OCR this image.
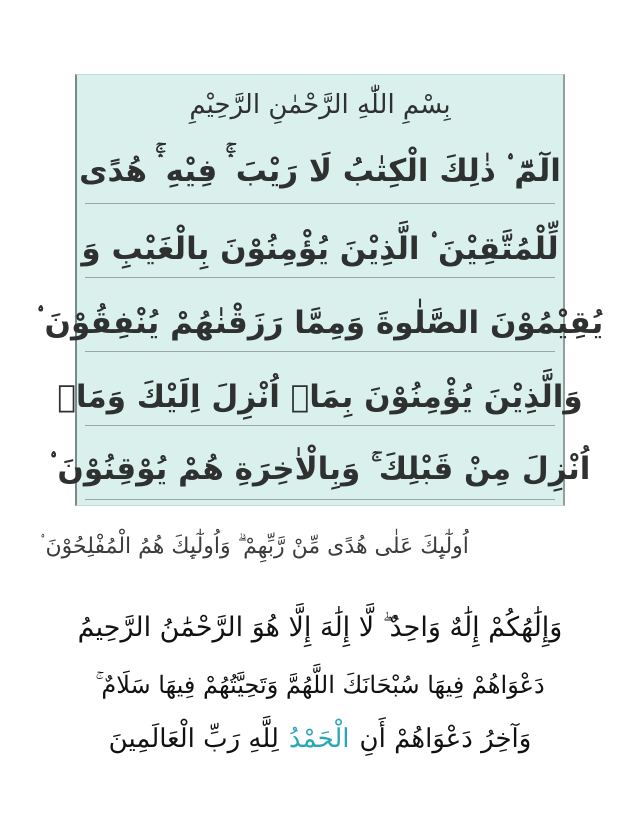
بِسْمِ اللّٰهِ الرَّحْمٰنِ الرَّحِيْمِ
الٓمّٓ ۟ ذٰلِكَ الْكِتٰبُ لَا رَيْبَ ۛۚ فِيْهِ ۛۚ هُدًى
لِّلْمُتَّقِيْنَ ۟ الَّذِيْنَ يُؤْمِنُوْنَ بِالْغَيْبِ وَ
يُقِيْمُوْنَ الصَّلٰوةَ وَمِمَّا رَزَقْنٰهُمْ يُنْفِقُوْنَ ۟
وَالَّذِيْنَ يُؤْمِنُوْنَ بِمَاۤ اُنْزِلَ اِلَيْكَ وَمَاۤ
اُنْزِلَ مِنْ قَبْلِكَ ۚ وَبِالْاٰخِرَةِ هُمْ يُوْقِنُوْنَ ۟
اُولٰٓىِٕكَ عَلٰى هُدًى مِّنْ رَّبِّهِمْ ۗ وَاُولٰٓىِٕكَ هُمُ الْمُفْلِحُوْنَ ۟
وَإِلَٰهُكُمْ إِلَٰهٌ وَاحِدٌ ۖ لَّا إِلَٰهَ إِلَّا هُوَ الرَّحْمَٰنُ الرَّحِيمُ
دَعْوَاهُمْ فِيهَا سُبْحَانَكَ اللَّهُمَّ وَتَحِيَّتُهُمْ فِيهَا سَلَامٌ ۚ
وَآخِرُ دَعْوَاهُمْ أَنِ
الْحَمْدُ
لِلَّهِ رَبِّ الْعَالَمِينَ
